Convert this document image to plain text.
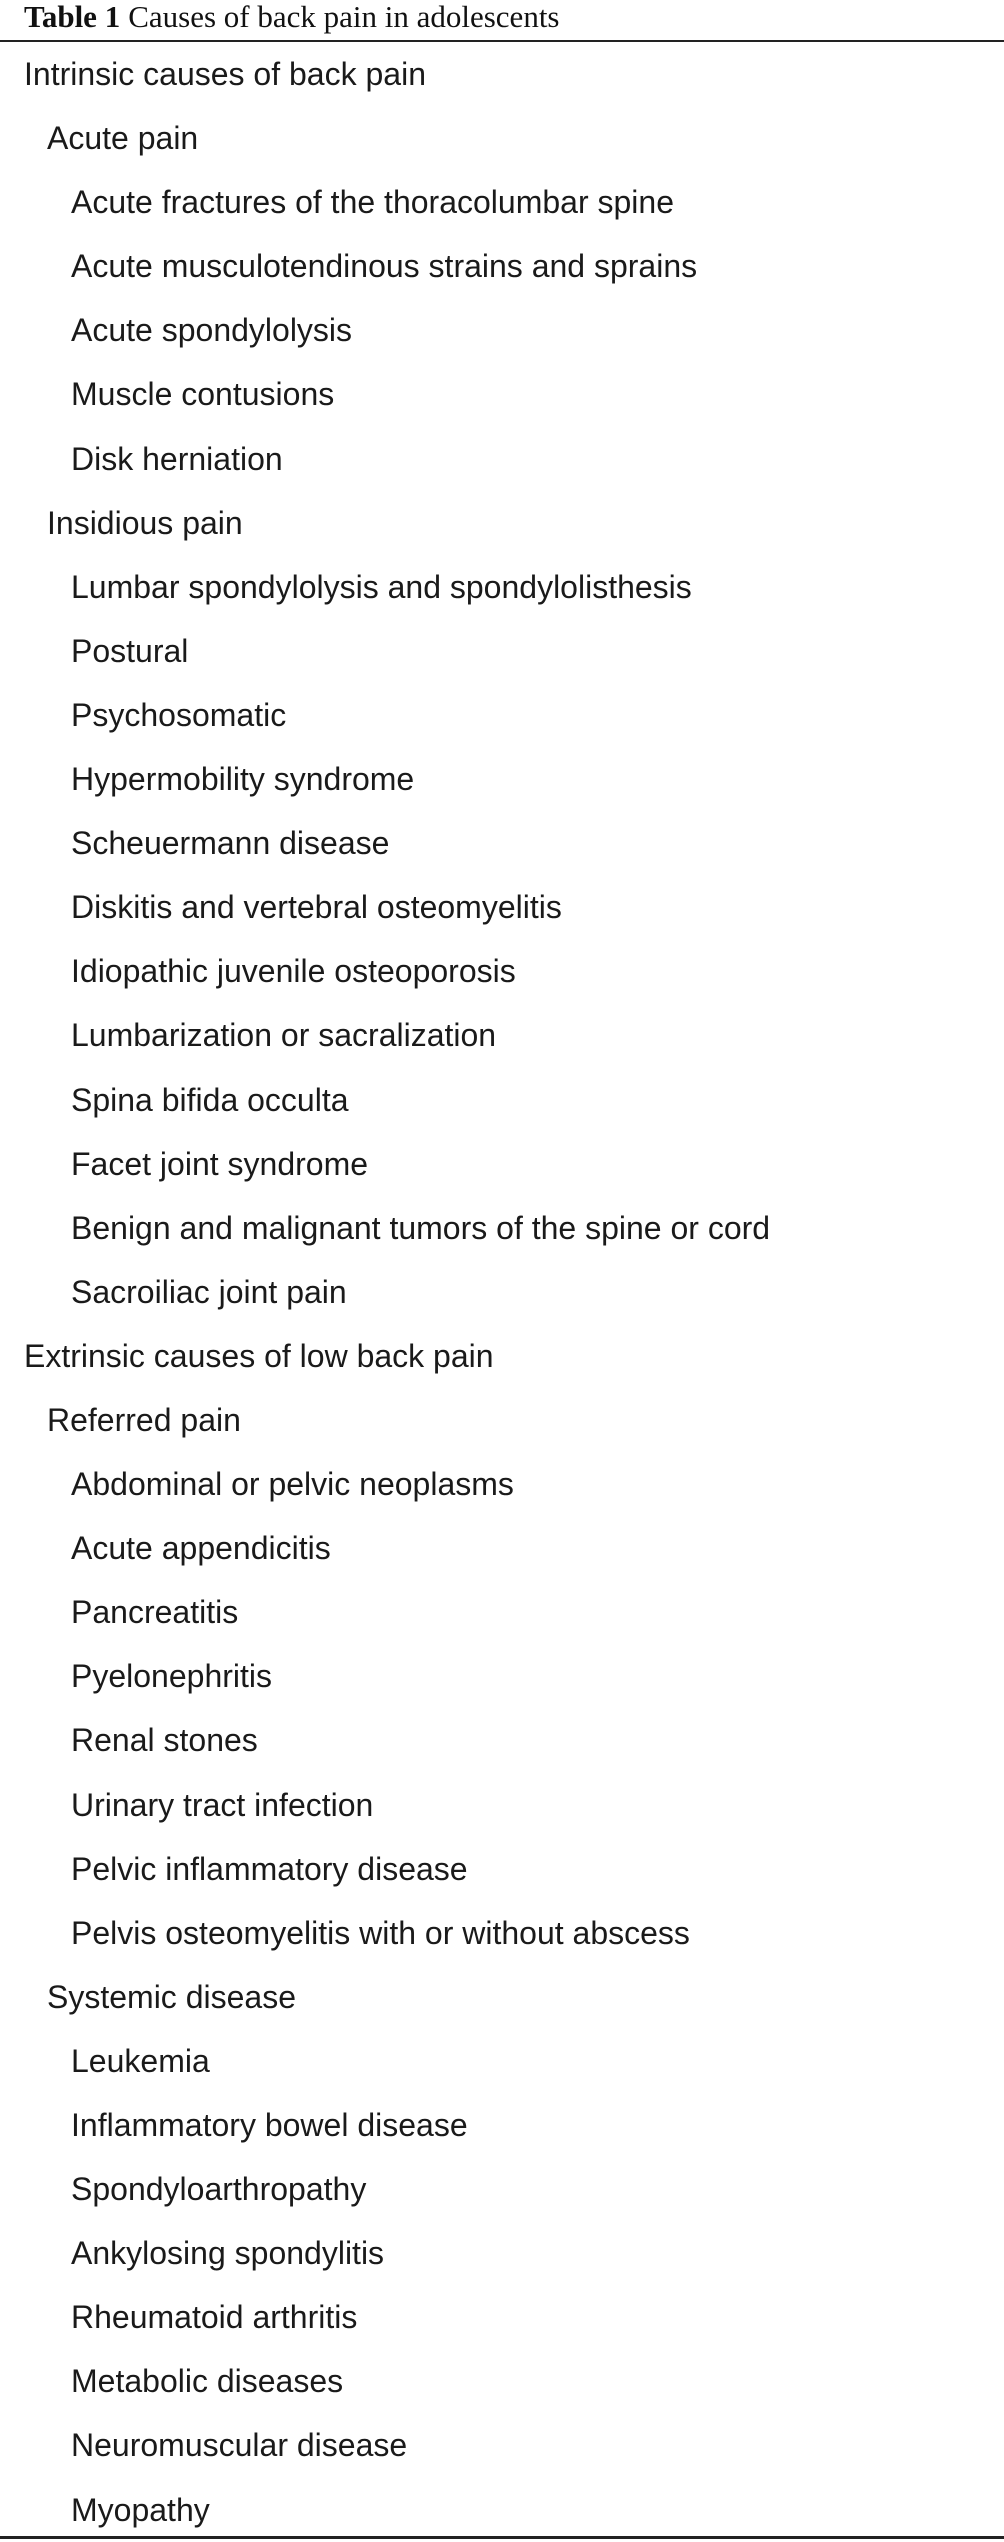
Table 1 Causes of back pain in adolescents
Intrinsic causes of back pain
Acute pain
Acute fractures of the thoracolumbar spine
Acute musculotendinous strains and sprains
Acute spondylolysis
Muscle contusions
Disk herniation
Insidious pain
Lumbar spondylolysis and spondylolisthesis
Postural
Psychosomatic
Hypermobility syndrome
Scheuermann disease
Diskitis and vertebral osteomyelitis
Idiopathic juvenile osteoporosis
Lumbarization or sacralization
Spina bifida occulta
Facet joint syndrome
Benign and malignant tumors of the spine or cord
Sacroiliac joint pain
Extrinsic causes of low back pain
Referred pain
Abdominal or pelvic neoplasms
Acute appendicitis
Pancreatitis
Pyelonephritis
Renal stones
Urinary tract infection
Pelvic inflammatory disease
Pelvis osteomyelitis with or without abscess
Systemic disease
Leukemia
Inflammatory bowel disease
Spondyloarthropathy
Ankylosing spondylitis
Rheumatoid arthritis
Metabolic diseases
Neuromuscular disease
Myopathy
